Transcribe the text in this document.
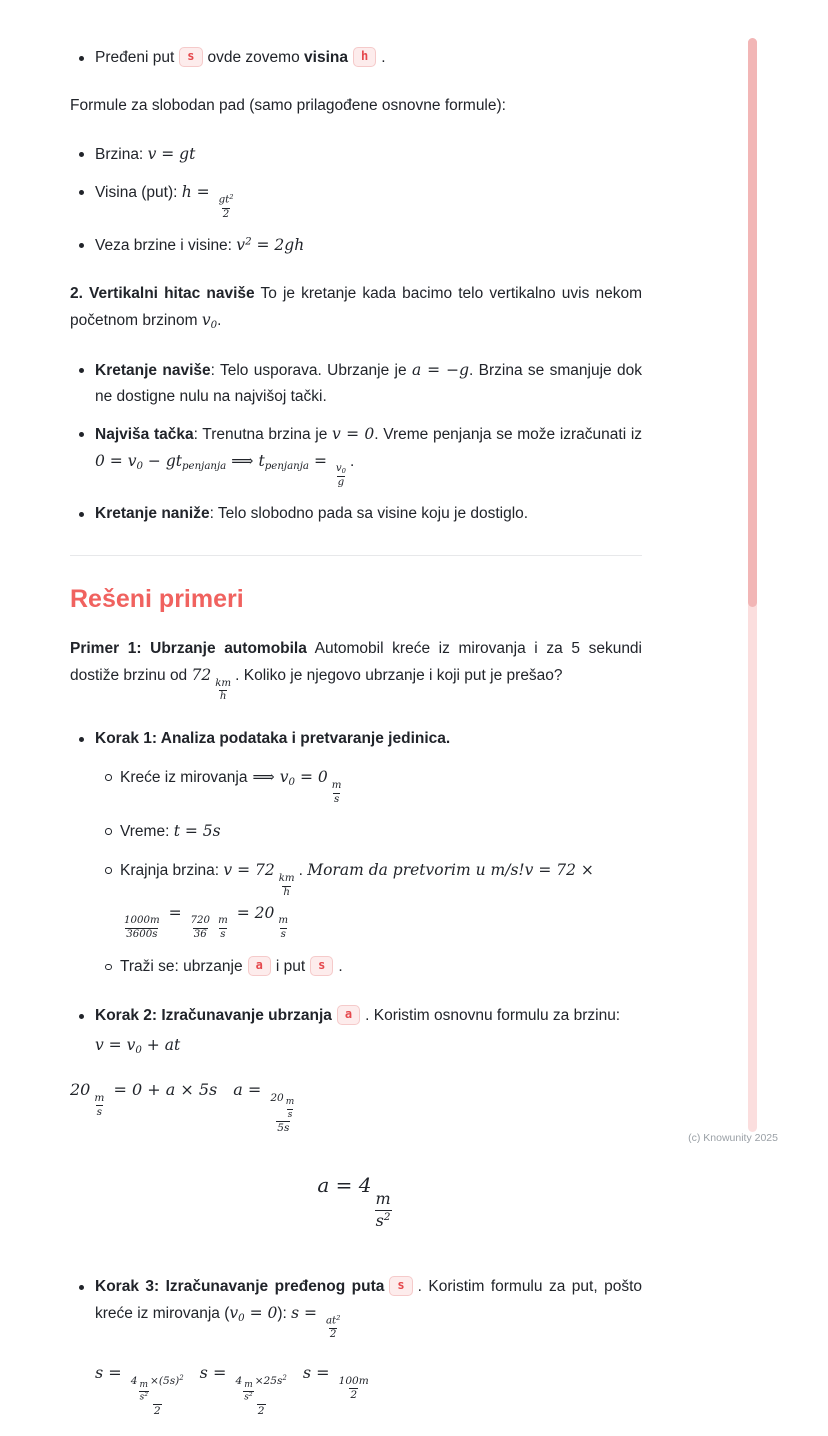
Pređeni put s ovde zovemo visina h .

Formule za slobodan pad (samo prilagođene osnovne formule):

Brzina: v = gt
Visina (put): h =
$\frac{gt^2}{2}$
Veza brzine i visine: $v^2 = 2gh$

2. Vertikalni hitac naviše To je kretanje kada bacimo telo vertikalno uvis nekom početnom brzinom $v_0$.

Kretanje naviše: Telo usporava. Ubrzanje je a = −g. Brzina se smanjuje dok ne dostigne nulu na najvišoj tački.
Najviša tačka: Trenutna brzina je v = 0. Vreme penjanja se može izračunati iz $0 = v_0 - gt_{penjanja}$ ⟹ $t_{penjanja}$ =
$\frac{v_0}{g}$
.
Kretanje naniže: Telo slobodno pada sa visine koju je dostiglo.
Rešeni primeri

Primer 1: Ubrzanje automobila Automobil kreće iz mirovanja i za 5 sekundi dostiže brzinu od 72
$\frac{km}{h}$
. Koliko je njegovo ubrzanje i koji put je prešao?

Korak 1: Analiza podataka i pretvaranje jedinica.
Kreće iz mirovanja ⟹ $v_0 = 0$
$\frac{m}{s}$
Vreme: t = 5s
Krajnja brzina: v = 72
$\frac{km}{h}$
. Moram da pretvorim u m/s!v = 72 ×
$\frac{1000m}{3600s}$
=
$\frac{720}{36} \frac{m}{s}$
= 20
$\frac{m}{s}$
Traži se: ubrzanje a i put s .
Korak 2: Izračunavanje ubrzanja a . Koristim osnovnu formulu za brzinu:
$v = v_0$ + at
20
$\frac{m}{s}$
= 0 + a × 5s a =
$\frac{20 \frac{m}{s}}{5s}$
a = 4
$\frac{m}{s^2}$
Korak 3: Izračunavanje pređenog puta s . Koristim formulu za put, pošto kreće iz mirovanja $(v_0 = 0)$: s =
$\frac{at^2}{2}$
s =
$\frac{4 \frac{m}{s^2} \times(5s)^2}{2}$
s =
$\frac{4 \frac{m}{s^2} \times 25s^2}{2}$
s =
$\frac{100m}{2}$
(c) Knowunity 2025
